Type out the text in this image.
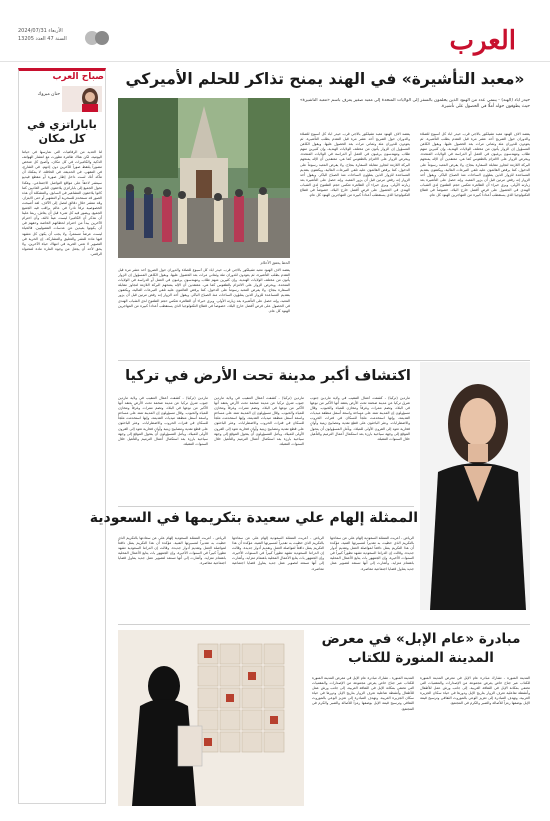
العرب
الأربعاء 2024/07/31
السنة 47 العدد 13205
«معبد التأشيرة» في الهند يمنح تذاكر للحلم الأميركي
حيدر آباد (الهند) - ينتمي عدد من الهنود الذين يحلمون بالسفر إلى الولايات المتحدة إلى معبد صغير يعرف باسم «معبد التأشيرة» حيث يطوفون حوله أملًا في الحصول على تأشيرة.
الحظ يحقق الأحلام
يقصد آلاف الهنود معبد تشيلكور بالاجي قرب حيدر آباد كل أسبوع للصلاة والدوران حول الضريح أحد عشر مرة قبل التقدم بطلب التأشيرة، ثم يعودون للدوران مئة وثماني مرات بعد الحصول عليها. ويقول الكاهن المسؤول إن الزوار يأتون من مختلف الولايات الهندية، وإن كثيرين منهم طلاب ومهندسون يرغبون في العمل أو الدراسة في الولايات المتحدة. ويحرص الزوار على الالتزام بالطقوس كما هي، معتقدين أن الإله يمنحهم البركة اللازمة لتجاوز مقابلة السفارة بنجاح. ولا يفرض المعبد رسوماً على الدخول، كما يرفض القائمون عليه تلقي التبرعات المالية، ويكتفون بتقديم المساعدة للزوار الذين يملؤون الساحات منذ الصباح الباكر. ويقول أحد الزوار إنه رفض مرتين قبل أن يزور المعبد، وإنه حصل على التأشيرة بعد زيارته الأولى. ويرى خبراء أن الظاهرة تعكس حجم الطموح لدى الشباب الهندي في الحصول على فرص أفضل خارج البلاد، خصوصاً في قطاع التكنولوجيا الذي يستقطب أعداداً كبيرة من المهاجرين الهنود كل عام.
يقصد آلاف الهنود معبد تشيلكور بالاجي قرب حيدر آباد كل أسبوع للصلاة والدوران حول الضريح أحد عشر مرة قبل التقدم بطلب التأشيرة، ثم يعودون للدوران مئة وثماني مرات بعد الحصول عليها. ويقول الكاهن المسؤول إن الزوار يأتون من مختلف الولايات الهندية، وإن كثيرين منهم طلاب ومهندسون يرغبون في العمل أو الدراسة في الولايات المتحدة. ويحرص الزوار على الالتزام بالطقوس كما هي، معتقدين أن الإله يمنحهم البركة اللازمة لتجاوز مقابلة السفارة بنجاح. ولا يفرض المعبد رسوماً على الدخول، كما يرفض القائمون عليه تلقي التبرعات المالية، ويكتفون بتقديم المساعدة للزوار الذين يملؤون الساحات منذ الصباح الباكر. ويقول أحد الزوار إنه رفض مرتين قبل أن يزور المعبد، وإنه حصل على التأشيرة بعد زيارته الأولى. ويرى خبراء أن الظاهرة تعكس حجم الطموح لدى الشباب الهندي في الحصول على فرص أفضل خارج البلاد، خصوصاً في قطاع التكنولوجيا الذي يستقطب أعداداً كبيرة من المهاجرين الهنود كل عام.
يقصد آلاف الهنود معبد تشيلكور بالاجي قرب حيدر آباد كل أسبوع للصلاة والدوران حول الضريح أحد عشر مرة قبل التقدم بطلب التأشيرة، ثم يعودون للدوران مئة وثماني مرات بعد الحصول عليها. ويقول الكاهن المسؤول إن الزوار يأتون من مختلف الولايات الهندية، وإن كثيرين منهم طلاب ومهندسون يرغبون في العمل أو الدراسة في الولايات المتحدة. ويحرص الزوار على الالتزام بالطقوس كما هي، معتقدين أن الإله يمنحهم البركة اللازمة لتجاوز مقابلة السفارة بنجاح. ولا يفرض المعبد رسوماً على الدخول، كما يرفض القائمون عليه تلقي التبرعات المالية، ويكتفون بتقديم المساعدة للزوار الذين يملؤون الساحات منذ الصباح الباكر. ويقول أحد الزوار إنه رفض مرتين قبل أن يزور المعبد، وإنه حصل على التأشيرة بعد زيارته الأولى. ويرى خبراء أن الظاهرة تعكس حجم الطموح لدى الشباب الهندي في الحصول على فرص أفضل خارج البلاد، خصوصاً في قطاع التكنولوجيا الذي يستقطب أعداداً كبيرة من المهاجرين الهنود كل عام.
صباح العرب
حنان مبروك
باباراتزي في كل مكان
لنا العديد من الرفاهيات التي نمارسها في حياتنا اليومية، لكن هناك ظاهرة تطورت مع انتشار الهواتف الذكية والكاميرات في كل مكان، وأصبح كل شخص مصوراً يلتقط صوراً للآخرين دون إذنهم. في الشارع، في المقهى، في الحديقة، في الحافلة، لا يمكنك أن تتأكد أنك لست داخل إطار صورة أو مقطع فيديو سينشر لاحقاً على مواقع التواصل الاجتماعي. وهكذا تحول الجميع إلى باباراتزي يلاحقون الناس العاديين كما كانوا يلاحقون المشاهير في السابق. والمشكلة أن هذه الصور قد تستخدم للسخرية أو التشهير أو حتى الابتزاز، وقد تنتشر خلال دقائق لتصل إلى الآلاف. لقد أصبحت الخصوصية ترفاً نادراً في عالم يراقب فيه الجميع الجميع، ويصور فيه كل شيء قبل أن يعاش. ربما علينا أن نتذكر أن الكاميرا ليست عيناً ثالثة، وأن احترام الآخرين يبدأ من احترام لحظاتهم الخاصة وحقهم في أن يكونوا بعيدين عن عدسات الفضوليين. فالحياة ليست عرضاً مستمراً، ولا يجب أن يكون كل مشهد فيها مادة للنشر والتعليق والمشاركة. إن الحرية في التصوير لا تعني الحرية في انتهاك حياة الآخرين، ولا يحق لأحد أن يجعل من وجوه المارة مادة لمحتواه الرقمي.
اكتشاف أكبر مدينة تحت الأرض في تركيا
ماردين (تركيا) - كشفت أعمال التنقيب في ولاية ماردين جنوب شرق تركيا عن مدينة ضخمة تحت الأرض يعتقد أنها الأكبر من نوعها في البلاد، وتضم ممرات وغرفاً ومخازن للمياه والحبوب. وقال مسؤولون إن المدينة تمتد على مساحة واسعة أسفل منطقة ميديات القديمة، وإنها استخدمت ملجأً للسكان في فترات الحروب والاضطرابات. وعثر الباحثون على قطع نقدية ومصابيح زيتية وأوانٍ فخارية تعود إلى القرون الأولى للميلاد. ويأمل المسؤولون أن يتحول الموقع إلى وجهة سياحية بارزة بعد استكمال أعمال الترميم والتأهيل خلال السنوات المقبلة.
ماردين (تركيا) - كشفت أعمال التنقيب في ولاية ماردين جنوب شرق تركيا عن مدينة ضخمة تحت الأرض يعتقد أنها الأكبر من نوعها في البلاد، وتضم ممرات وغرفاً ومخازن للمياه والحبوب. وقال مسؤولون إن المدينة تمتد على مساحة واسعة أسفل منطقة ميديات القديمة، وإنها استخدمت ملجأً للسكان في فترات الحروب والاضطرابات. وعثر الباحثون على قطع نقدية ومصابيح زيتية وأوانٍ فخارية تعود إلى القرون الأولى للميلاد. ويأمل المسؤولون أن يتحول الموقع إلى وجهة سياحية بارزة بعد استكمال أعمال الترميم والتأهيل خلال السنوات المقبلة.
ماردين (تركيا) - كشفت أعمال التنقيب في ولاية ماردين جنوب شرق تركيا عن مدينة ضخمة تحت الأرض يعتقد أنها الأكبر من نوعها في البلاد، وتضم ممرات وغرفاً ومخازن للمياه والحبوب. وقال مسؤولون إن المدينة تمتد على مساحة واسعة أسفل منطقة ميديات القديمة، وإنها استخدمت ملجأً للسكان في فترات الحروب والاضطرابات. وعثر الباحثون على قطع نقدية ومصابيح زيتية وأوانٍ فخارية تعود إلى القرون الأولى للميلاد. ويأمل المسؤولون أن يتحول الموقع إلى وجهة سياحية بارزة بعد استكمال أعمال الترميم والتأهيل خلال السنوات المقبلة.
الممثلة إلهام علي سعيدة بتكريمها في السعودية
الرياض - أعربت الممثلة السعودية إلهام علي عن سعادتها بالتكريم الذي حظيت به تقديراً لمسيرتها الفنية، مؤكدة أن هذا التكريم يمثل دافعاً لمواصلة العمل وتقديم أدوار جديدة. وقالت إن الدراما السعودية تشهد تطوراً كبيراً في السنوات الأخيرة، وإن الجمهور بات يتابع الأعمال المحلية باهتمام متزايد. وأشارت إلى أنها تستعد لتصوير عمل جديد يتناول قضايا اجتماعية معاصرة.
الرياض - أعربت الممثلة السعودية إلهام علي عن سعادتها بالتكريم الذي حظيت به تقديراً لمسيرتها الفنية، مؤكدة أن هذا التكريم يمثل دافعاً لمواصلة العمل وتقديم أدوار جديدة. وقالت إن الدراما السعودية تشهد تطوراً كبيراً في السنوات الأخيرة، وإن الجمهور بات يتابع الأعمال المحلية باهتمام متزايد. وأشارت إلى أنها تستعد لتصوير عمل جديد يتناول قضايا اجتماعية معاصرة.
الرياض - أعربت الممثلة السعودية إلهام علي عن سعادتها بالتكريم الذي حظيت به تقديراً لمسيرتها الفنية، مؤكدة أن هذا التكريم يمثل دافعاً لمواصلة العمل وتقديم أدوار جديدة. وقالت إن الدراما السعودية تشهد تطوراً كبيراً في السنوات الأخيرة، وإن الجمهور بات يتابع الأعمال المحلية باهتمام متزايد. وأشارت إلى أنها تستعد لتصوير عمل جديد يتناول قضايا اجتماعية معاصرة.
مبادرة «عام الإبل» في معرض المدينة المنورة للكتاب
المدينة المنورة - تشارك مبادرة عام الإبل في معرض المدينة المنورة للكتاب عبر جناح خاص يعرض مجموعة من الإصدارات والمقتنيات التي تحتفي بمكانة الإبل في الثقافة العربية، إلى جانب ورش عمل للأطفال وأنشطة تفاعلية تعرف الزوار بتاريخ الإبل ودورها في حياة سكان الجزيرة العربية. وتهدف المبادرة إلى تعزيز الوعي بالموروث الثقافي وترسيخ قيمة الإبل بوصفها رمزاً للأصالة والصبر والكرم في المجتمع.
المدينة المنورة - تشارك مبادرة عام الإبل في معرض المدينة المنورة للكتاب عبر جناح خاص يعرض مجموعة من الإصدارات والمقتنيات التي تحتفي بمكانة الإبل في الثقافة العربية، إلى جانب ورش عمل للأطفال وأنشطة تفاعلية تعرف الزوار بتاريخ الإبل ودورها في حياة سكان الجزيرة العربية. وتهدف المبادرة إلى تعزيز الوعي بالموروث الثقافي وترسيخ قيمة الإبل بوصفها رمزاً للأصالة والصبر والكرم في المجتمع.
